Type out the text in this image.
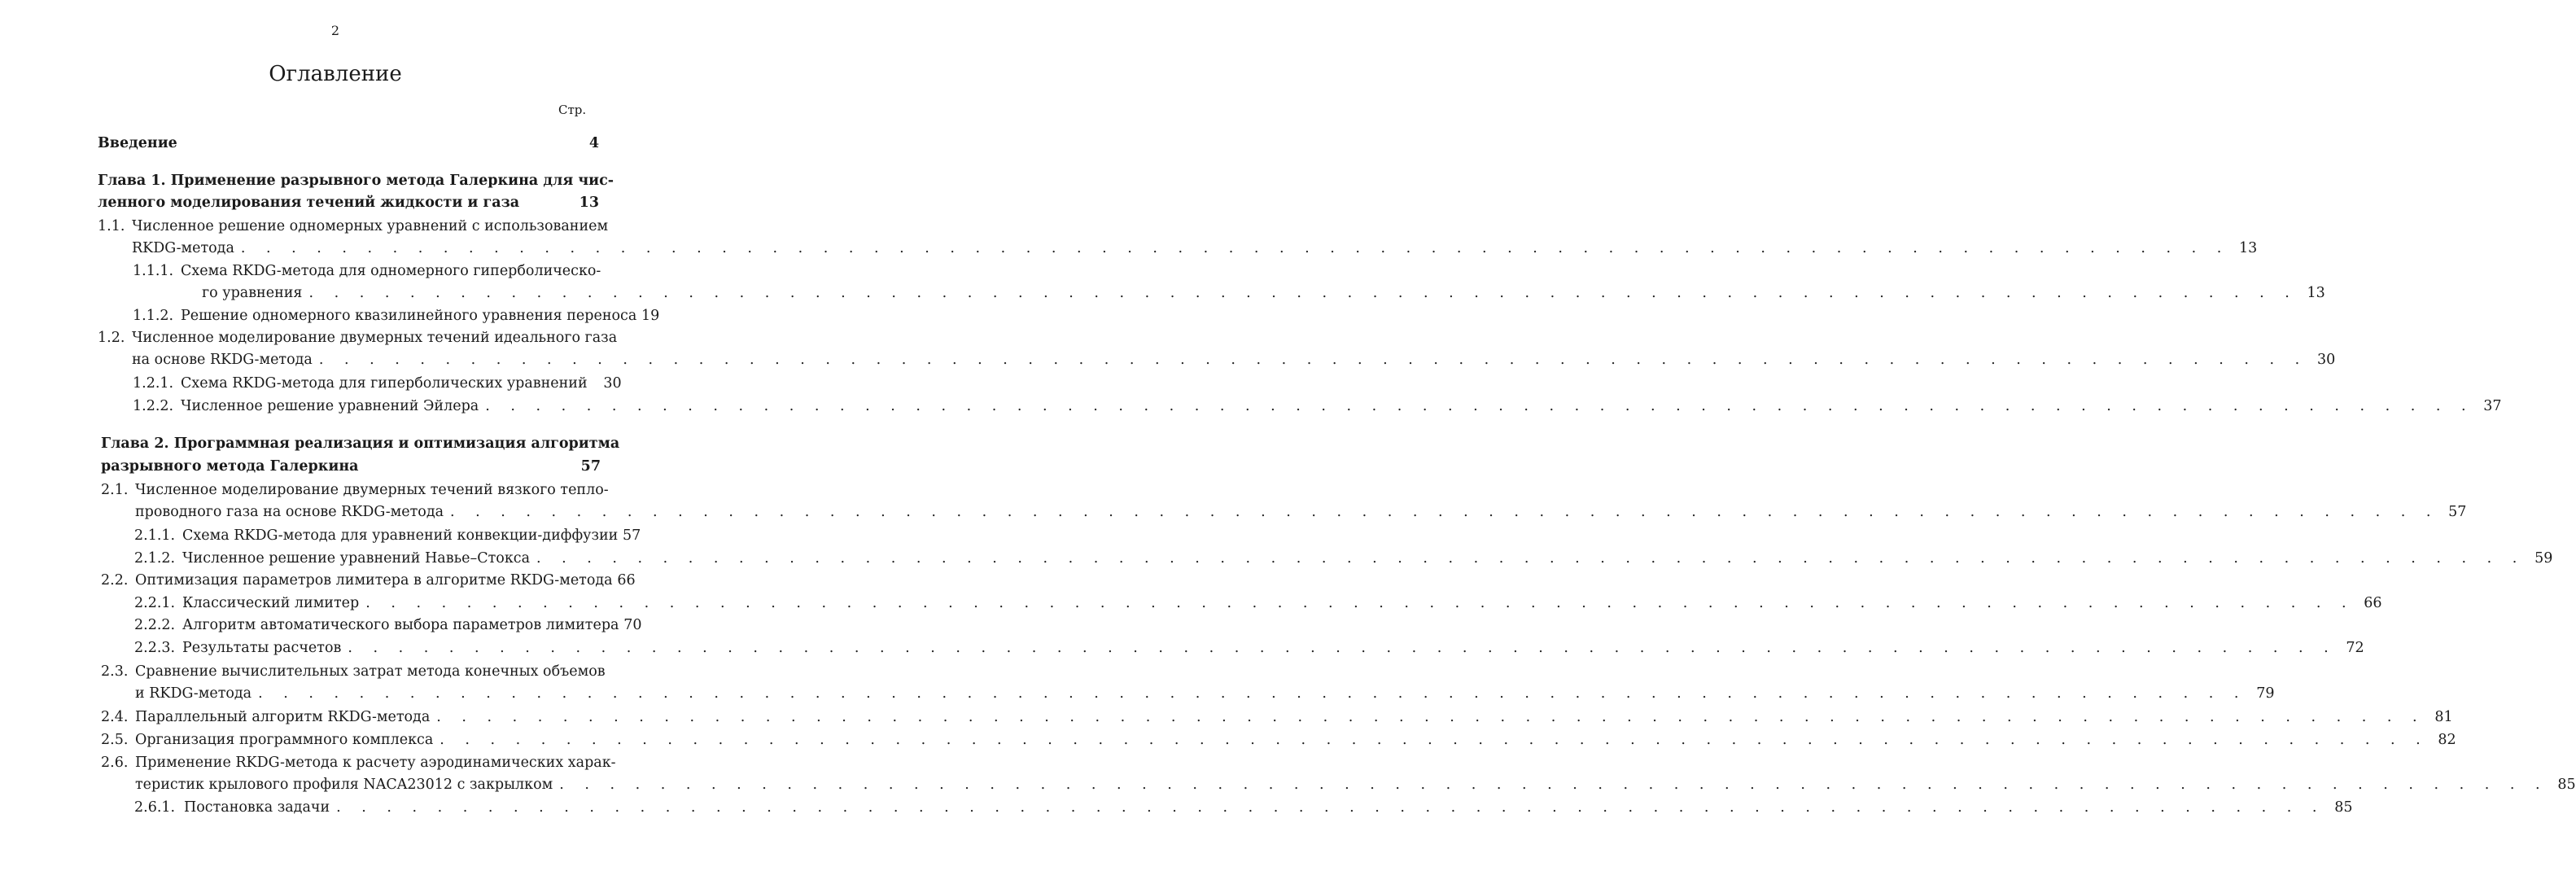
2
Оглавление
Стр.
Введение	4
Глава 1. Применение разрывного метода Галеркина для чис-
ленного моделирования течений жидкости и газа	13
1.1. Численное решение одномерных уравнений с использованием
RKDG-метода . . .	13
1.1.1. Схема RKDG-метода для одномерного гиперболическо-
го уравнения . . .	13
1.1.2. Решение одномерного квазилинейного уравнения переноса 19
1.2. Численное моделирование двумерных течений идеального газа
на основе RKDG-метода . . .	30
1.2.1. Схема RKDG-метода для гиперболических уравнений	30
1.2.2. Численное решение уравнений Эйлера . . .	37
Глава 2. Программная реализация и оптимизация алгоритма
разрывного метода Галеркина	57
2.1. Численное моделирование двумерных течений вязкого тепло-
проводного газа на основе RKDG-метода . . .	57
2.1.1. Схема RKDG-метода для уравнений конвекции-диффузии 57
2.1.2. Численное решение уравнений Навье–Стокса . . .	59
2.2. Оптимизация параметров лимитера в алгоритме RKDG-метода 66
2.2.1. Классический лимитер . . .	66
2.2.2. Алгоритм автоматического выбора параметров лимитера 70
2.2.3. Результаты расчетов . . .	72
2.3. Сравнение вычислительных затрат метода конечных объемов
и RKDG-метода . . .	79
2.4. Параллельный алгоритм RKDG-метода . . .	81
2.5. Организация программного комплекса . . .	82
2.6. Применение RKDG-метода к расчету аэродинамических харак-
теристик крылового профиля NACA23012 с закрылком . . .	85
2.6.1. Постановка задачи . . .	85
